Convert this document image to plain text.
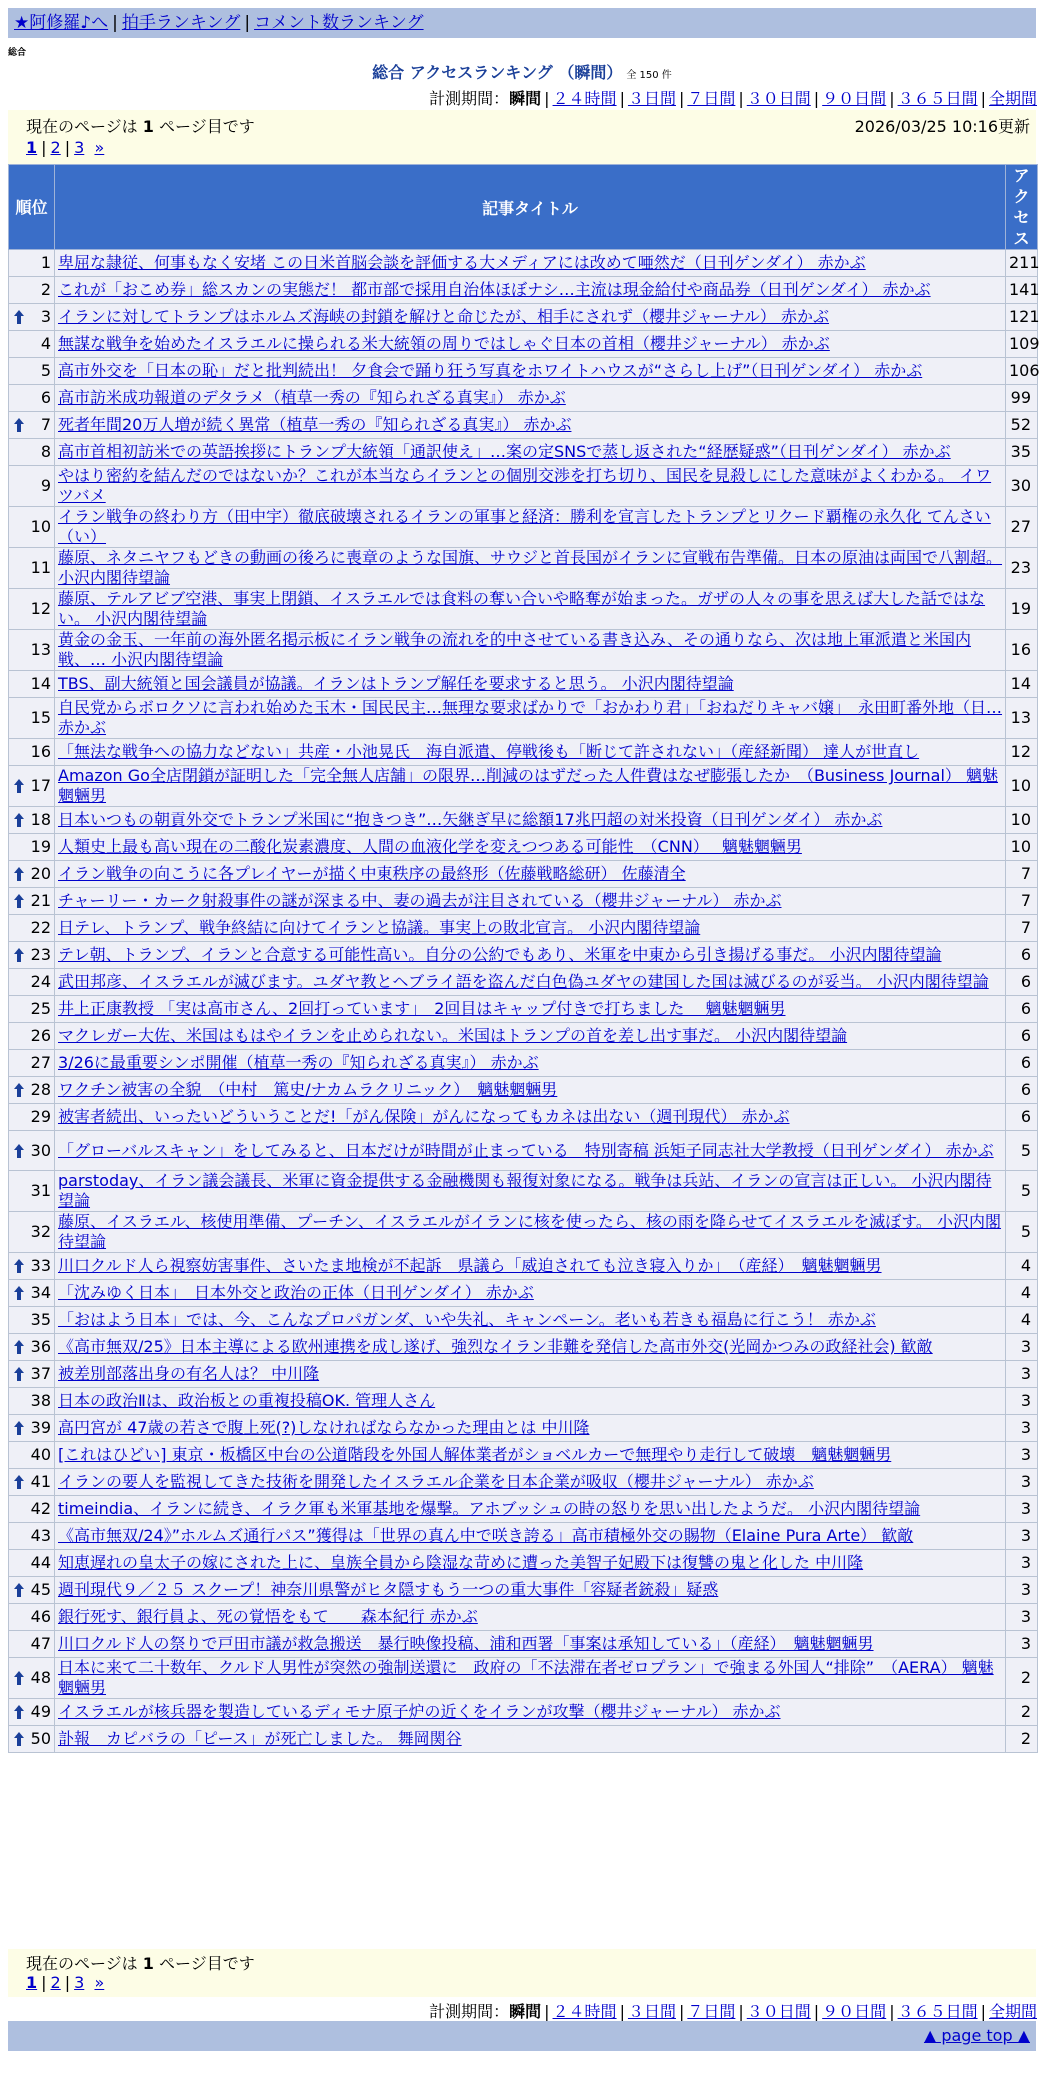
★阿修羅♪へ | 拍手ランキング | コメント数ランキング
総合
総合 アクセスランキング （瞬間） 全 150 件
計測期間：瞬間 | ２４時間 | ３日間 | ７日間 | ３０日間 | ９０日間 | ３６５日間 | 全期間
現在のページは 1 ページ目です	2026/03/25 10:16更新
1 | 2 | 3 »
順位	記事タイトル	アクセス
1	卑屈な隷従、何事もなく安堵 この日米首脳会談を評価する大メディアには改めて唖然だ（日刊ゲンダイ） 赤かぶ	211
2	これが「おこめ券」総スカンの実態だ！ 都市部で採用自治体ほぼナシ…主流は現金給付や商品券（日刊ゲンダイ） 赤かぶ	141

3	イランに対してトランプはホルムズ海峡の封鎖を解けと命じたが、相手にされず（櫻井ジャーナル） 赤かぶ	121
4	無謀な戦争を始めたイスラエルに操られる米大統領の周りではしゃぐ日本の首相（櫻井ジャーナル） 赤かぶ	109
5	高市外交を「日本の恥」だと批判続出！ 夕食会で踊り狂う写真をホワイトハウスが“さらし上げ”（日刊ゲンダイ） 赤かぶ	106
6	高市訪米成功報道のデタラメ（植草一秀の『知られざる真実』） 赤かぶ	99

7	死者年間20万人増が続く異常（植草一秀の『知られざる真実』） 赤かぶ	52
8	高市首相初訪米での英語挨拶にトランプ大統領「通訳使え」…案の定SNSで蒸し返された“経歴疑惑”（日刊ゲンダイ） 赤かぶ	35
9	やはり密約を結んだのではないか？これが本当ならイランとの個別交渉を打ち切り、国民を見殺しにした意味がよくわかる。 イワツバメ	30
10	イラン戦争の終わり方（田中宇）徹底破壊されるイランの軍事と経済：勝利を宣言したトランプとリクード覇権の永久化 てんさい（い）	27
11	藤原、ネタニヤフもどきの動画の後ろに喪章のような国旗、サウジと首長国がイランに宣戦布告準備。日本の原油は両国で八割超。 小沢内閣待望論	23
12	藤原、テルアビブ空港、事実上閉鎖、イスラエルでは食料の奪い合いや略奪が始まった。ガザの人々の事を思えば大した話ではない。 小沢内閣待望論	19
13	黄金の金玉、一年前の海外匿名掲示板にイラン戦争の流れを的中させている書き込み、その通りなら、次は地上軍派遣と米国内戦、… 小沢内閣待望論	16
14	TBS、副大統領と国会議員が協議。イランはトランプ解任を要求すると思う。 小沢内閣待望論	14
15	自民党からボロクソに言われ始めた玉木・国民民主…無理な要求ばかりで「おかわり君」「おねだりキャバ嬢」　永田町番外地（日… 赤かぶ	13
16	「無法な戦争への協力などない」共産・小池晃氏　海自派遣、停戦後も「断じて許されない」（産経新聞） 達人が世直し	12

17	Amazon Go全店閉鎖が証明した「完全無人店舗」の限界…削減のはずだった人件費はなぜ膨張したか　（Business Journal） 魑魅魍魎男	10

18	日本いつもの朝貢外交でトランプ米国に“抱きつき”…矢継ぎ早に総額17兆円超の対米投資（日刊ゲンダイ） 赤かぶ	10
19	人類史上最も高い現在の二酸化炭素濃度、人間の血液化学を変えつつある可能性　（CNN）　 魑魅魍魎男	10

20	イラン戦争の向こうに各プレイヤーが描く中東秩序の最終形（佐藤戦略総研） 佐藤清全	7

21	チャーリー・カーク射殺事件の謎が深まる中、妻の過去が注目されている（櫻井ジャーナル） 赤かぶ	7
22	日テレ、トランプ、戦争終結に向けてイランと協議。事実上の敗北宣言。 小沢内閣待望論	7

23	テレ朝、トランプ、イランと合意する可能性高い。自分の公約でもあり、米軍を中東から引き揚げる事だ。 小沢内閣待望論	6
24	武田邦彦、イスラエルが滅びます。ユダヤ教とヘブライ語を盗んだ白色偽ユダヤの建国した国は滅びるのが妥当。 小沢内閣待望論	6
25	井上正康教授 「実は高市さん、2回打っています」　2回目はキャップ付きで打ちました　 魑魅魍魎男	6
26	マクレガー大佐、米国はもはやイランを止められない。米国はトランプの首を差し出す事だ。 小沢内閣待望論	6
27	3/26に最重要シンポ開催（植草一秀の『知られざる真実』） 赤かぶ	6

28	ワクチン被害の全貌　（中村　篤史/ナカムラクリニック）　魑魅魍魎男	6
29	被害者続出、いったいどういうことだ!「がん保険」がんになってもカネは出ない（週刊現代） 赤かぶ	6

30	「グローバルスキャン」をしてみると、日本だけが時間が止まっている　特別寄稿 浜矩子同志社大学教授（日刊ゲンダイ） 赤かぶ	5
31	parstoday、イラン議会議長、米軍に資金提供する金融機関も報復対象になる。戦争は兵站、イランの宣言は正しい。 小沢内閣待望論	5
32	藤原、イスラエル、核使用準備、プーチン、イスラエルがイランに核を使ったら、核の雨を降らせてイスラエルを滅ぼす。 小沢内閣待望論	5

33	川口クルド人ら視察妨害事件、さいたま地検が不起訴　県議ら「威迫されても泣き寝入りか」　（産経）　魑魅魍魎男	4

34	「沈みゆく日本」　日本外交と政治の正体（日刊ゲンダイ） 赤かぶ	4
35	「おはよう日本」では、今、こんなプロパガンダ、いや失礼、キャンペーン。老いも若きも福島に行こう！ 赤かぶ	4

36	《高市無双/25》日本主導による欧州連携を成し遂げ、強烈なイラン非難を発信した高市外交(光岡かつみの政経社会) 歓敵	3

37	被差別部落出身の有名人は？ 中川隆	3
38	日本の政治Ⅱは、政治板との重複投稿OK. 管理人さん	3

39	高円宮が 47歳の若さで腹上死(?)しなければならなかった理由とは 中川隆	3
40	[これはひどい] 東京・板橋区中台の公道階段を外国人解体業者がショベルカーで無理やり走行して破壊　魑魅魍魎男	3

41	イランの要人を監視してきた技術を開発したイスラエル企業を日本企業が吸収（櫻井ジャーナル） 赤かぶ	3
42	timeindia、イランに続き、イラク軍も米軍基地を爆撃。アホブッシュの時の怒りを思い出したようだ。 小沢内閣待望論	3
43	《高市無双/24》”ホルムズ通行パス”獲得は「世界の真ん中で咲き誇る」高市積極外交の賜物（Elaine Pura Arte） 歓敵	3
44	知恵遅れの皇太子の嫁にされた上に、皇族全員から陰湿な苛めに遭った美智子妃殿下は復讐の鬼と化した 中川隆	3

45	週刊現代９／２５ スクープ！神奈川県警がヒタ隠すもう一つの重大事件「容疑者銃殺」疑惑	3
46	銀行死す、銀行員よ、死の覚悟をもて　　森本紀行 赤かぶ	3
47	川口クルド人の祭りで戸田市議が救急搬送　暴行映像投稿、浦和西署「事案は承知している」（産経）　魑魅魍魎男	3

48	日本に来て二十数年、クルド人男性が突然の強制送還に　政府の「不法滞在者ゼロプラン」で強まる外国人“排除”　（AERA） 魑魅魍魎男	2

49	イスラエルが核兵器を製造しているディモナ原子炉の近くをイランが攻撃（櫻井ジャーナル） 赤かぶ	2

50	訃報　カピバラの「ピース」が死亡しました。 舞岡関谷	2
現在のページは 1 ページ目です
1 | 2 | 3 »
計測期間：瞬間 | ２４時間 | ３日間 | ７日間 | ３０日間 | ９０日間 | ３６５日間 | 全期間
▲ page top ▲
